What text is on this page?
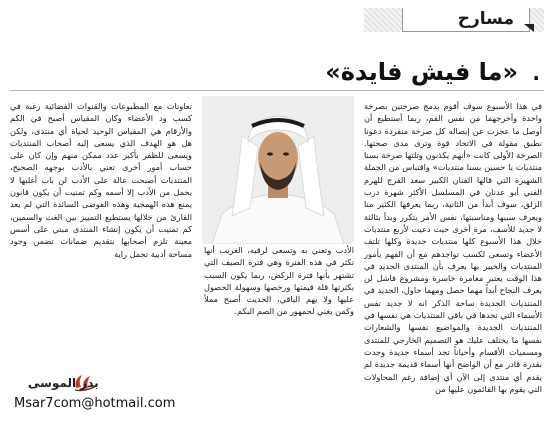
مسارح
. «ما فيش فايدة»

في هذا الأسبوع سوف أقوم بدمج صرختين بصرخة واحدة وأخرجهما من نفس الفم، ربما أستطيع أن أوصل ما عجزت عن إيصاله كل صرخة منفردة دعونا نطبق مقولة في الاتحاد قوة وترى مدى صحتها. الصرخة الأولى كانت «أنهم يكذبون وتلتها صرخة بسنا منتديات يا حسين بسنا منتديات» واقتباس من الجملة الشهيرة التي قالها الفنان الكبير سعد الفرج للهرم الفني أبو عدنان في المسلسل الأكثر شهرة درب الزلق، سوف أبدأ من الثانية، ربما يعرفها الكثير منا ويعرف سببها ومناسبتها، نفس الأمر يتكرر وبدأ بثالثة لا جديد للأسف، مرة أخرى حيث دعيت لأربع منتديات خلال هذا الأسبوع كلها منتديات جديدة وكلها تلتف الأعضاء وتسعى لكسب تواجدهم مع أن الفهم بأمور المنتديات والخبير بها يعرف بأن المنتدى الجديد في هذا الوقت يعتبر مغامرة خاسرة ومشروع فاشل لن يعرف النجاح أبداً مهما حصل ومهما حاول، الجديد في المنتديات الجديدة ساحة الذكر انه لا جديد نفس الأسماء التي تجدها في باقي المنتديات هي نفسها في المنتديات الجديدة والمواضيع نفسها والشعارات نفسها ما يختلف عليك هو التصميم الخارجي للمنتدى ومسميات الأقسام وأحياناً تجد أسماء جديدة وجدت بقدرة قادر مع أن الواضح أنها أسماء قديمة جديدة لم يقدم أي منتدى إلى الآن أي إضافة رغم المحاولات التي يقوم بها القائمون عليها من

الأدب وتعني به وتسعى لرقيه، الغريب أنها تكثر في هذه الفترة وهي فترة الصيف التي تشتهر بأنها فترة الركض، ربما يكون السبب بكثرتها قلة قيمتها ورخصها وسهولة الحصول عليها ولا يهم الباقي، الحديث أصبح مملاً وكمن يغني لجمهور من الصم البكم.

تعاونات مع المطبوعات والقنوات الفضائية رغبة في كسب ود الأعضاء وكان المقياس أصبح في الكم والأرقام هي المقياس الوحيد لحياة أي منتدى، ولكن هل هو الهدف الذي يسعى إليه أصحاب المنتديات ويسعى للظفر بأكبر عدد ممكن منهم وإن كان على حساب أمور أخرى تعني بالأدب بوجهه الصحيح، المنتديات أصبحت عالة على الأدب لن باب أغلبها لا يحمل من الأدب إلا أسمه وكم تمنيت أن يكون قانون يمنع هذه الهمجية وهذه الفوضى السائدة التي لم يعد القارئ من خلالها يستطيع التمييز بين الغث والسمين، كم تمنيت أن يكون إنشاء المنتدى مبني على أسس معينة تلزم أصحابها بتقديم ضمانات تضمن وجود مساحة أدبية تحمل راية

بدر الموسى
Msar7com@hotmail.com
